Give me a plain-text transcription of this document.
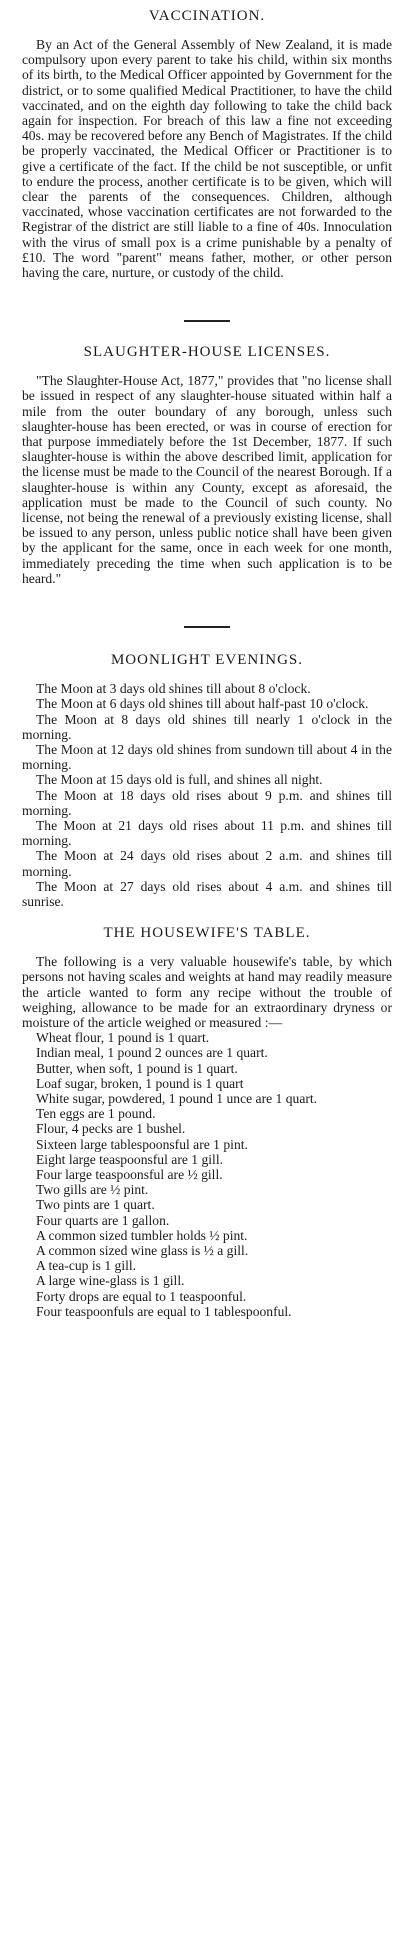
VACCINATION.

By an Act of the General Assembly of New Zealand, it is made compulsory upon every parent to take his child, within six months of its birth, to the Medical Officer appointed by Government for the district, or to some qualified Medical Practitioner, to have the child vaccinated, and on the eighth day following to take the child back again for inspection. For breach of this law a fine not exceeding 40s. may be recovered before any Bench of Magistrates. If the child be properly vaccinated, the Medical Officer or Practitioner is to give a certificate of the fact. If the child be not susceptible, or unfit to endure the process, another certificate is to be given, which will clear the parents of the consequences. Children, although vaccinated, whose vaccination certificates are not forwarded to the Registrar of the district are still liable to a fine of 40s. Innoculation with the virus of small pox is a crime punishable by a penalty of £10. The word "parent" means father, mother, or other person having the care, nurture, or custody of the child.

SLAUGHTER-HOUSE LICENSES.

"The Slaughter-House Act, 1877," provides that "no license shall be issued in respect of any slaughter-house situated within half a mile from the outer boundary of any borough, unless such slaughter-house has been erected, or was in course of erection for that purpose immediately before the 1st December, 1877. If such slaughter-house is within the above described limit, application for the license must be made to the Council of the nearest Borough. If a slaughter-house is within any County, except as aforesaid, the application must be made to the Council of such county. No license, not being the renewal of a previously existing license, shall be issued to any person, unless public notice shall have been given by the applicant for the same, once in each week for one month, immediately preceding the time when such application is to be heard."

MOONLIGHT EVENINGS.

The Moon at 3 days old shines till about 8 o'clock.

The Moon at 6 days old shines till about half-past 10 o'clock.

The Moon at 8 days old shines till nearly 1 o'clock in the morning.

The Moon at 12 days old shines from sundown till about 4 in the morning.

The Moon at 15 days old is full, and shines all night.

The Moon at 18 days old rises about 9 p.m. and shines till morning.

The Moon at 21 days old rises about 11 p.m. and shines till morning.

The Moon at 24 days old rises about 2 a.m. and shines till morning.

The Moon at 27 days old rises about 4 a.m. and shines till sunrise.

THE HOUSEWIFE'S TABLE.

The following is a very valuable housewife's table, by which persons not having scales and weights at hand may readily measure the article wanted to form any recipe without the trouble of weighing, allowance to be made for an extraordinary dryness or moisture of the article weighed or measured :—

Wheat flour, 1 pound is 1 quart.

Indian meal, 1 pound 2 ounces are 1 quart.

Butter, when soft, 1 pound is 1 quart.

Loaf sugar, broken, 1 pound is 1 quart

White sugar, powdered, 1 pound 1 unce are 1 quart.

Ten eggs are 1 pound.

Flour, 4 pecks are 1 bushel.

Sixteen large tablespoonsful are 1 pint.

Eight large teaspoonsful are 1 gill.

Four large teaspoonsful are ½ gill.

Two gills are ½ pint.

Two pints are 1 quart.

Four quarts are 1 gallon.

A common sized tumbler holds ½ pint.

A common sized wine glass is ½ a gill.

A tea-cup is 1 gill.

A large wine-glass is 1 gill.

Forty drops are equal to 1 teaspoonful.

Four teaspoonfuls are equal to 1 tablespoonful.
